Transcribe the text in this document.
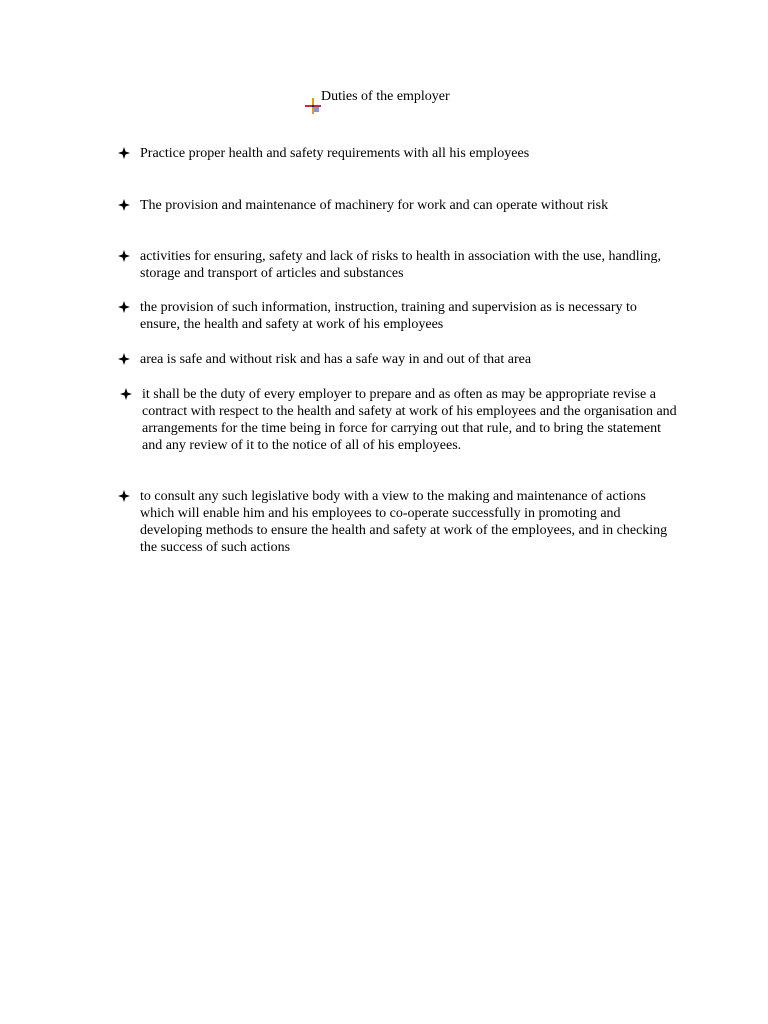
Duties of the employer
Practice proper health and safety requirements with all his employees
The provision and maintenance of machinery for work and can operate without risk
activities for ensuring, safety and lack of risks to health in association with the use, handling, storage and transport of articles and substances
the provision of such information, instruction, training and supervision as is necessary to ensure, the health and safety at work of his employees
area is safe and without risk and has a safe way in and out of that area
it shall be the duty of every employer to prepare and as often as may be appropriate revise a contract with respect to the health and safety at work of his employees and the organisation and arrangements for the time being in force for carrying out that rule, and to bring the statement and any review of it to the notice of all of his employees.
to consult any such legislative body with a view to the making and maintenance of actions which will enable him and his employees to co-operate successfully in promoting and developing methods to ensure the health and safety at work of the employees, and in checking the success of such actions
